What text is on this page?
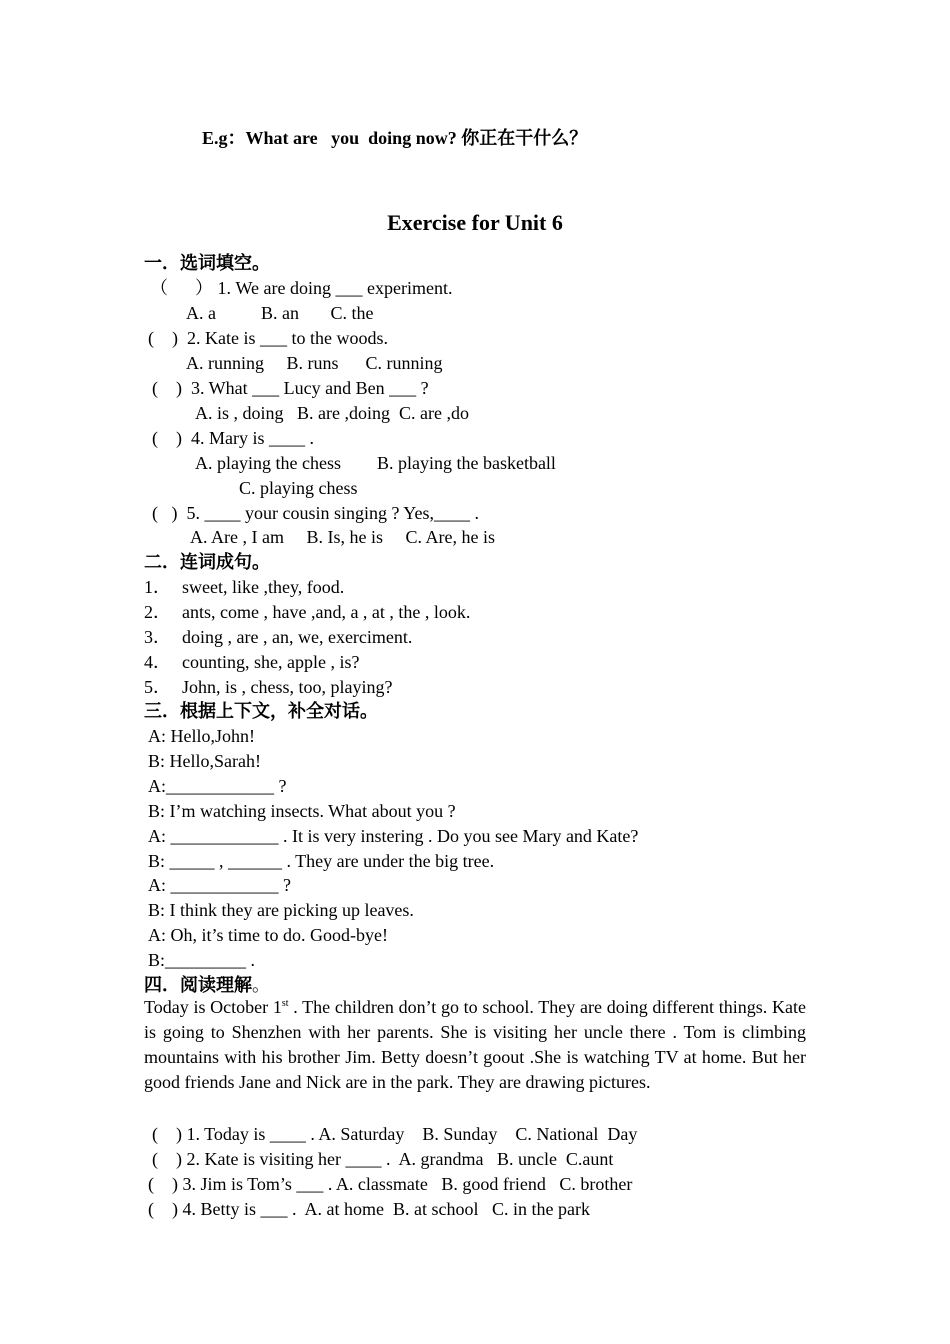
E.g：What are   you  doing now? 你正在干什么？
Exercise for Unit 6
一．选词填空。
（      ） 1. We are doing ___ experiment.
A. a          B. an       C. the
(    )  2. Kate is ___ to the woods.
A. running     B. runs      C. running
(    )  3. What ___ Lucy and Ben ___ ?
A. is , doing   B. are ,doing  C. are ,do
(    )  4. Mary is ____ .
A. playing the chess        B. playing the basketball
C. playing chess
(   )  5. ____ your cousin singing ? Yes,____ .
A. Are , I am     B. Is, he is     C. Are, he is
二．连词成句。
1． sweet, like ,they, food.
2． ants, come , have ,and, a , at , the , look.
3． doing , are , an, we, exerciment.
4． counting, she, apple , is?
5． John, is , chess, too, playing?
三．根据上下文，补全对话。
A: Hello,John!
B: Hello,Sarah!
A:____________ ?
B: I’m watching insects. What about you ?
A: ____________ . It is very instering . Do you see Mary and Kate?
B: _____ , ______ . They are under the big tree.
A: ____________ ?
B: I think they are picking up leaves.
A: Oh, it’s time to do. Good-bye!
B:_________ .
四．阅读理解。
Today is October 1st . The children don’t go to school. They are doing different things. Kate is going to Shenzhen with her parents. She is visiting her uncle there . Tom is climbing mountains with his brother Jim. Betty doesn’t goout .She is watching TV at home. But her good friends Jane and Nick are in the park. They are drawing pictures.
(    ) 1. Today is ____ . A. Saturday    B. Sunday    C. National  Day
(    ) 2. Kate is visiting her ____ .  A. grandma   B. uncle  C.aunt
(    ) 3. Jim is Tom’s ___ . A. classmate   B. good friend   C. brother
(    ) 4. Betty is ___ .  A. at home  B. at school   C. in the park
